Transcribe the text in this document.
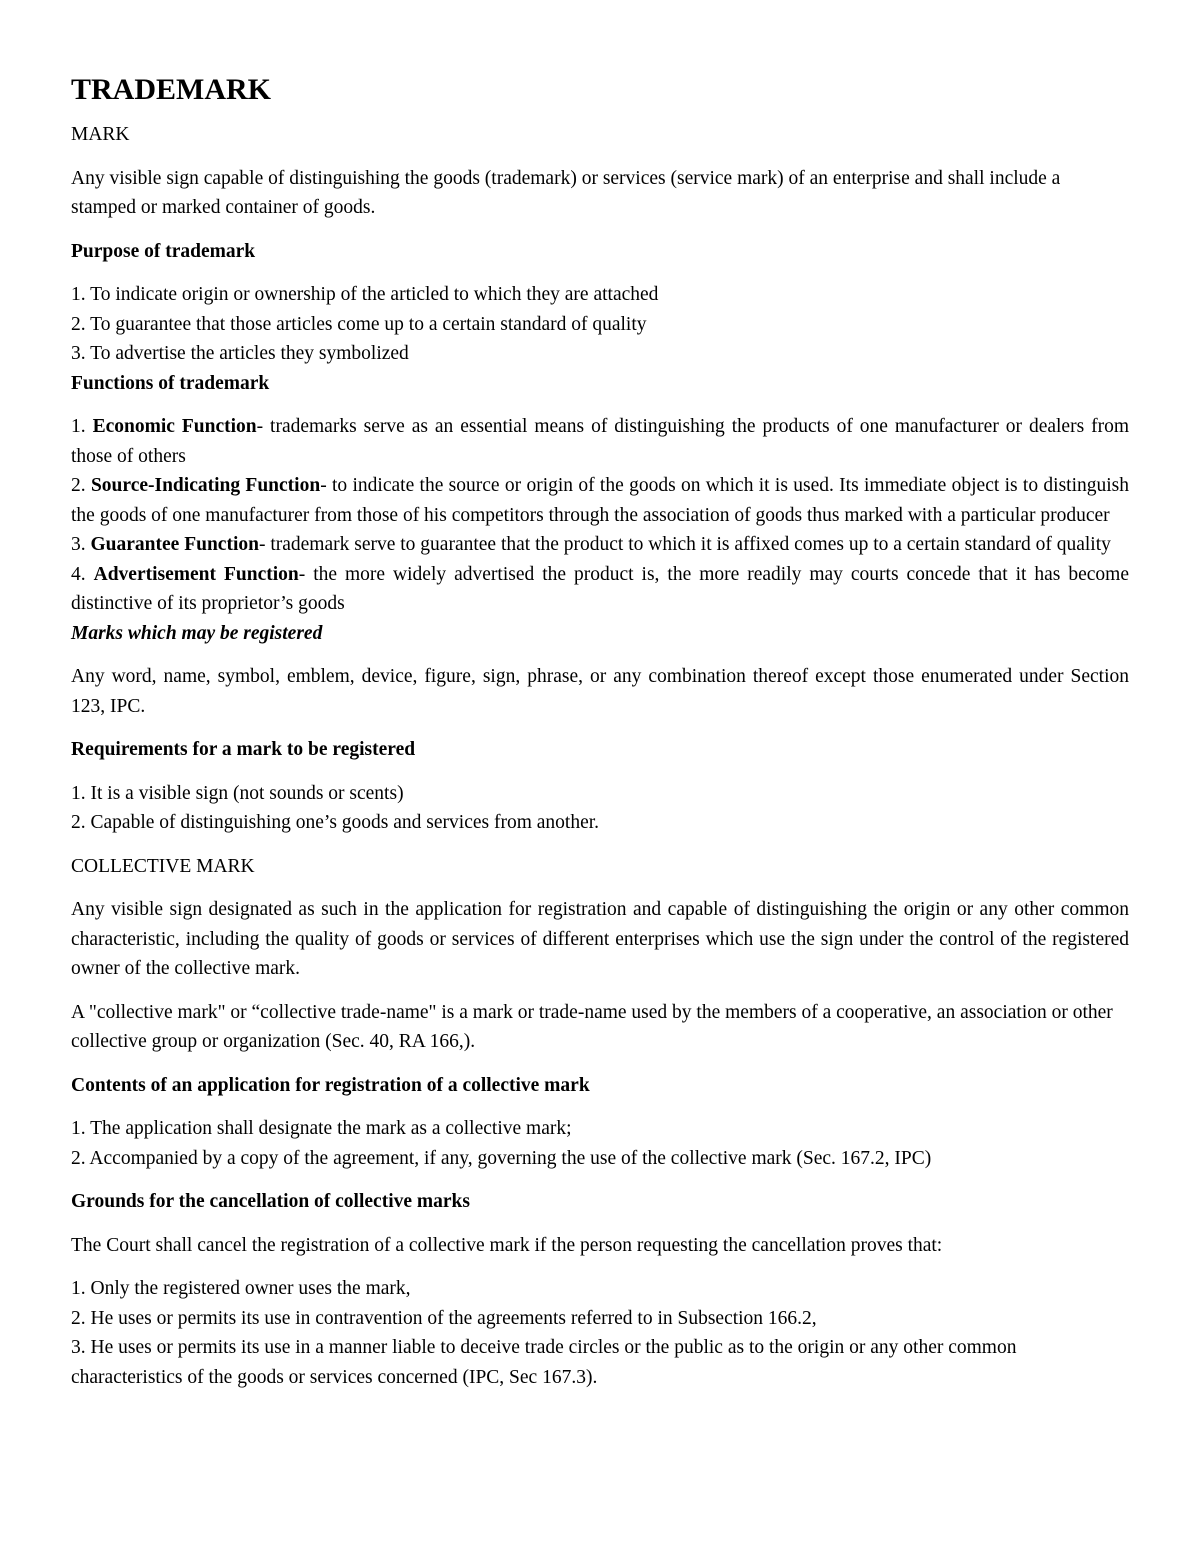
TRADEMARK
MARK
Any visible sign capable of distinguishing the goods (trademark) or services (service mark) of an enterprise and shall include a stamped or marked container of goods.
Purpose of trademark
1. To indicate origin or ownership of the articled to which they are attached
2. To guarantee that those articles come up to a certain standard of quality
3. To advertise the articles they symbolized
Functions of trademark
1. Economic Function- trademarks serve as an essential means of distinguishing the products of one manufacturer or dealers from those of others
2. Source-Indicating Function- to indicate the source or origin of the goods on which it is used. Its immediate object is to distinguish the goods of one manufacturer from those of his competitors through the association of goods thus marked with a particular producer
3. Guarantee Function- trademark serve to guarantee that the product to which it is affixed comes up to a certain standard of quality
4. Advertisement Function- the more widely advertised the product is, the more readily may courts concede that it has become distinctive of its proprietor’s goods
Marks which may be registered
Any word, name, symbol, emblem, device, figure, sign, phrase, or any combination thereof except those enumerated under Section 123, IPC.
Requirements for a mark to be registered
1. It is a visible sign (not sounds or scents)
2. Capable of distinguishing one’s goods and services from another.
COLLECTIVE MARK
Any visible sign designated as such in the application for registration and capable of distinguishing the origin or any other common characteristic, including the quality of goods or services of different enterprises which use the sign under the control of the registered owner of the collective mark.
A "collective mark" or “collective trade-name" is a mark or trade-name used by the members of a cooperative, an association or other collective group or organization (Sec. 40, RA 166,).
Contents of an application for registration of a collective mark
1. The application shall designate the mark as a collective mark;
2. Accompanied by a copy of the agreement, if any, governing the use of the collective mark (Sec. 167.2, IPC)
Grounds for the cancellation of collective marks
The Court shall cancel the registration of a collective mark if the person requesting the cancellation proves that:
1. Only the registered owner uses the mark,
2. He uses or permits its use in contravention of the agreements referred to in Subsection 166.2,
3. He uses or permits its use in a manner liable to deceive trade circles or the public as to the origin or any other common characteristics of the goods or services concerned (IPC, Sec 167.3).
